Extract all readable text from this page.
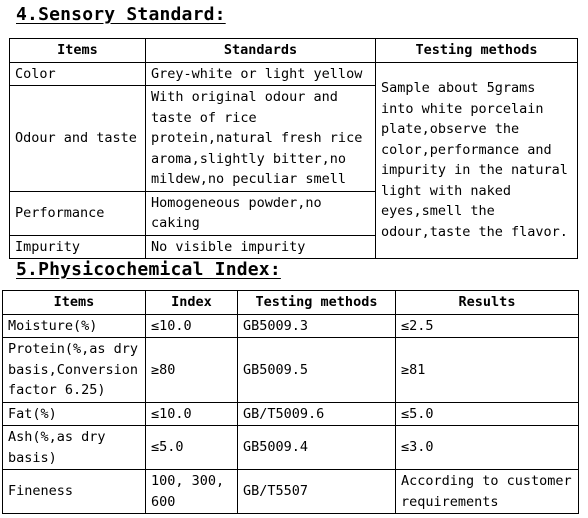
4.Sensory Standard:
Items	Standards	Testing methods
Color	Grey-white or light yellow	Sample about 5grams into white porcelain plate,observe the color,performance and impurity in the natural light with naked eyes,smell the odour,taste the flavor.
Odour and taste	With original odour and taste of rice protein,natural fresh rice aroma,slightly bitter,no mildew,no peculiar smell	
Performance	Homogeneous powder,no caking	
Impurity	No visible impurity	
5.Physicochemical Index:
Items	Index	Testing methods	Results
Moisture(%)	≤10.0	GB5009.3	≤2.5
Protein(%,as dry basis,Conversion factor 6.25)	≥80	GB5009.5	≥81
Fat(%)	≤10.0	GB/T5009.6	≤5.0
Ash(%,as dry basis)	≤5.0	GB5009.4	≤3.0
Fineness	100, 300, 600	GB/T5507	According to customer requirements
